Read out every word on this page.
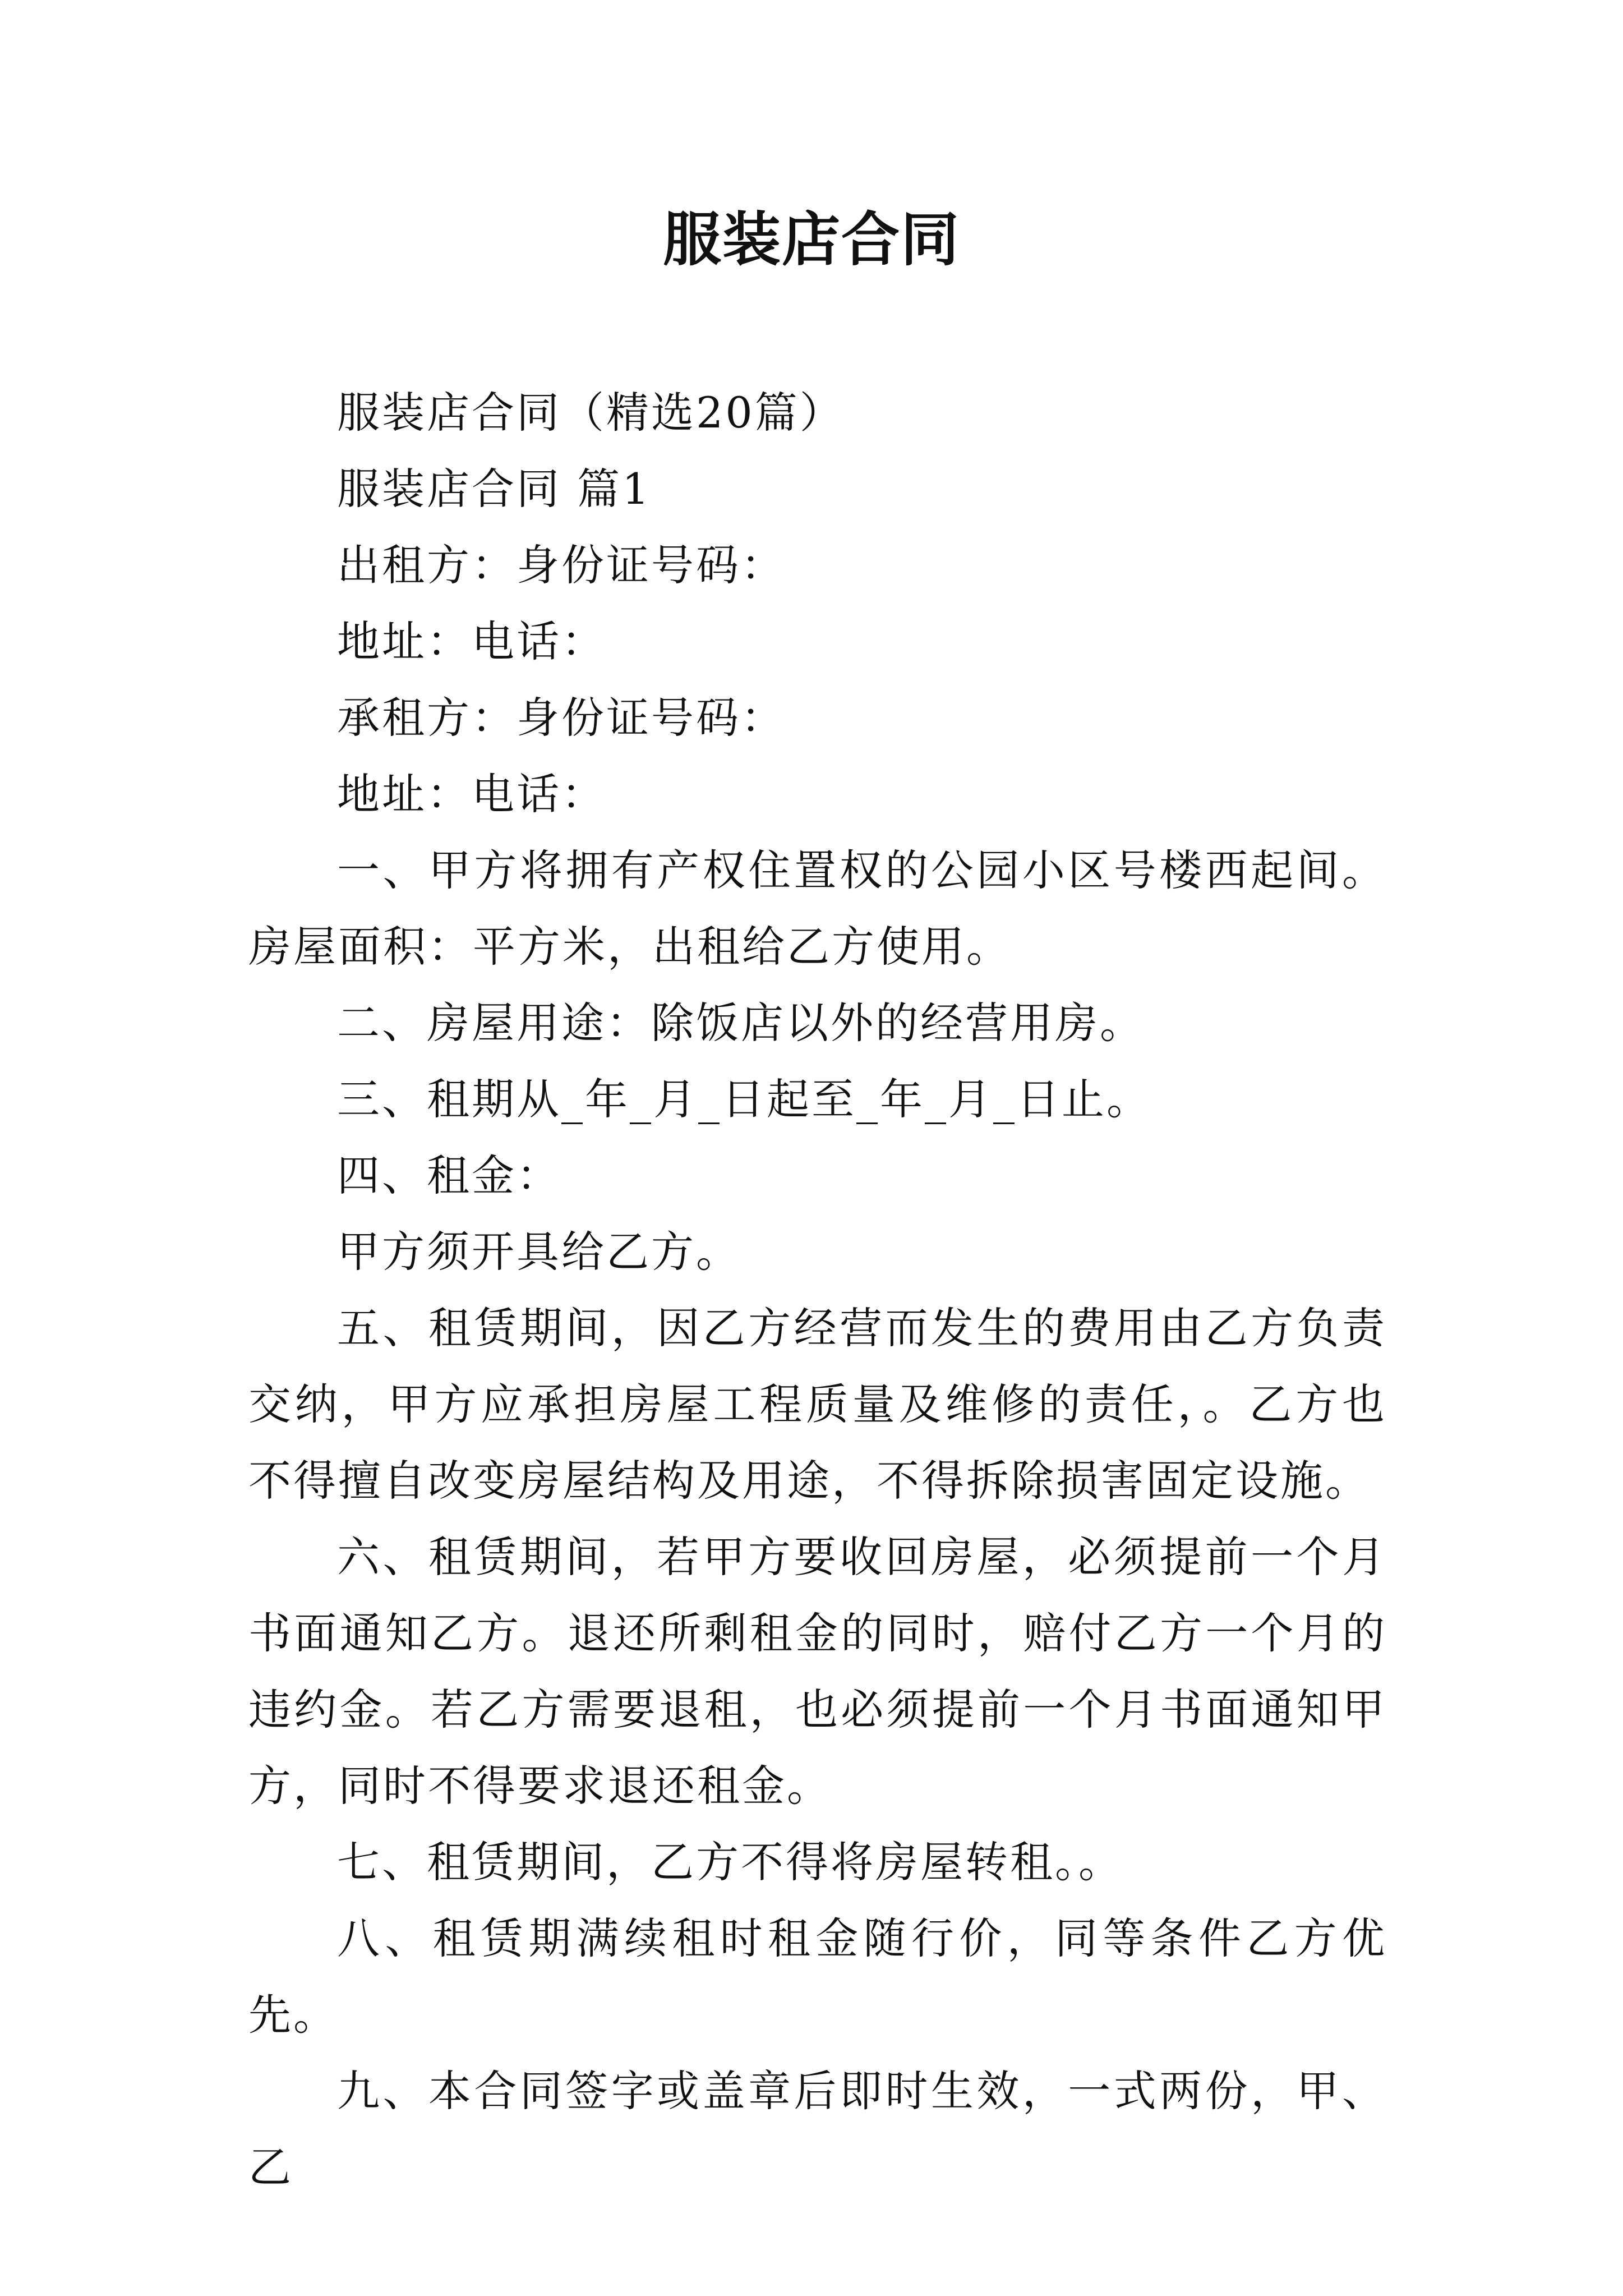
服装店合同

服装店合同（精选20篇）

服装店合同 篇1

出租方：身份证号码：

地址：电话：

承租方：身份证号码：

地址：电话：

一、甲方将拥有产权住置权的公园小区号楼西起间。房屋面积：平方米，出租给乙方使用。

二、房屋用途：除饭店以外的经营用房。

三、租期从_年_月_日起至_年_月_日止。

四、租金：

甲方须开具给乙方。

五、租赁期间，因乙方经营而发生的费用由乙方负责交纳，甲方应承担房屋工程质量及维修的责任，。乙方也不得擅自改变房屋结构及用途，不得拆除损害固定设施。

六、租赁期间，若甲方要收回房屋，必须提前一个月书面通知乙方。退还所剩租金的同时，赔付乙方一个月的违约金。若乙方需要退租，也必须提前一个月书面通知甲方，同时不得要求退还租金。

七、租赁期间，乙方不得将房屋转租。。

八、租赁期满续租时租金随行价，同等条件乙方优先。

九、本合同签字或盖章后即时生效，一式两份，甲、乙
